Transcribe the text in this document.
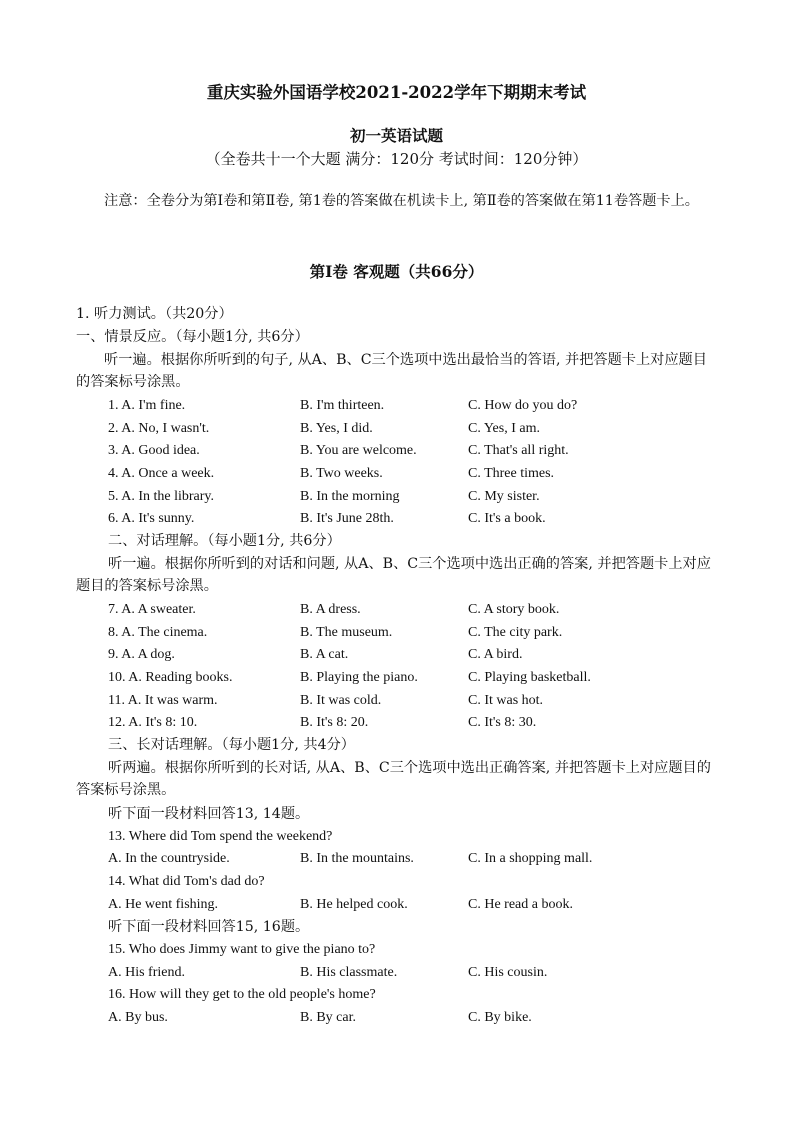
重庆实验外国语学校2021-2022学年下期期末考试
初一英语试题
（全卷共十一个大题 满分：120分 考试时间：120分钟）
注意：全卷分为第Ⅰ卷和第Ⅱ卷, 第1卷的答案做在机读卡上, 第Ⅱ卷的答案做在第11卷答题卡上。
第Ⅰ卷 客观题（共66分）
1. 听力测试。（共20分）
一、情景反应。（每小题1分, 共6分）
听一遍。根据你所听到的句子, 从A、B、C三个选项中选出最恰当的答语, 并把答题卡上对应题目的答案标号涂黑。
1. A. I'm fine.	B. I'm thirteen.	C. How do you do?
2. A. No, I wasn't.	B. Yes, I did.	C. Yes, I am.
3. A. Good idea.	B. You are welcome.	C. That's all right.
4. A. Once a week.	B. Two weeks.	C. Three times.
5. A. In the library.	B. In the morning	C. My sister.
6. A. It's sunny.	B. It's June 28th.	C. It's a book.
二、对话理解。（每小题1分, 共6分）
听一遍。根据你所听到的对话和问题, 从A、B、C三个选项中选出正确的答案, 并把答题卡上对应题目的答案标号涂黑。
7. A. A sweater.	B. A dress.	C. A story book.
8. A. The cinema.	B. The museum.	C. The city park.
9. A. A dog.	B. A cat.	C. A bird.
10. A. Reading books.	B. Playing the piano.	C. Playing basketball.
11. A. It was warm.	B. It was cold.	C. It was hot.
12. A. It's 8: 10.	B. It's 8: 20.	C. It's 8: 30.
三、长对话理解。（每小题1分, 共4分）
听两遍。根据你所听到的长对话, 从A、B、C三个选项中选出正确答案, 并把答题卡上对应题目的答案标号涂黑。
听下面一段材料回答13, 14题。
13. Where did Tom spend the weekend?
A. In the countryside.	B. In the mountains.	C. In a shopping mall.
14. What did Tom's dad do?
A. He went fishing.	B. He helped cook.	C. He read a book.
听下面一段材料回答15, 16题。
15. Who does Jimmy want to give the piano to?
A. His friend.	B. His classmate.	C. His cousin.
16. How will they get to the old people's home?
A. By bus.	B. By car.	C. By bike.
